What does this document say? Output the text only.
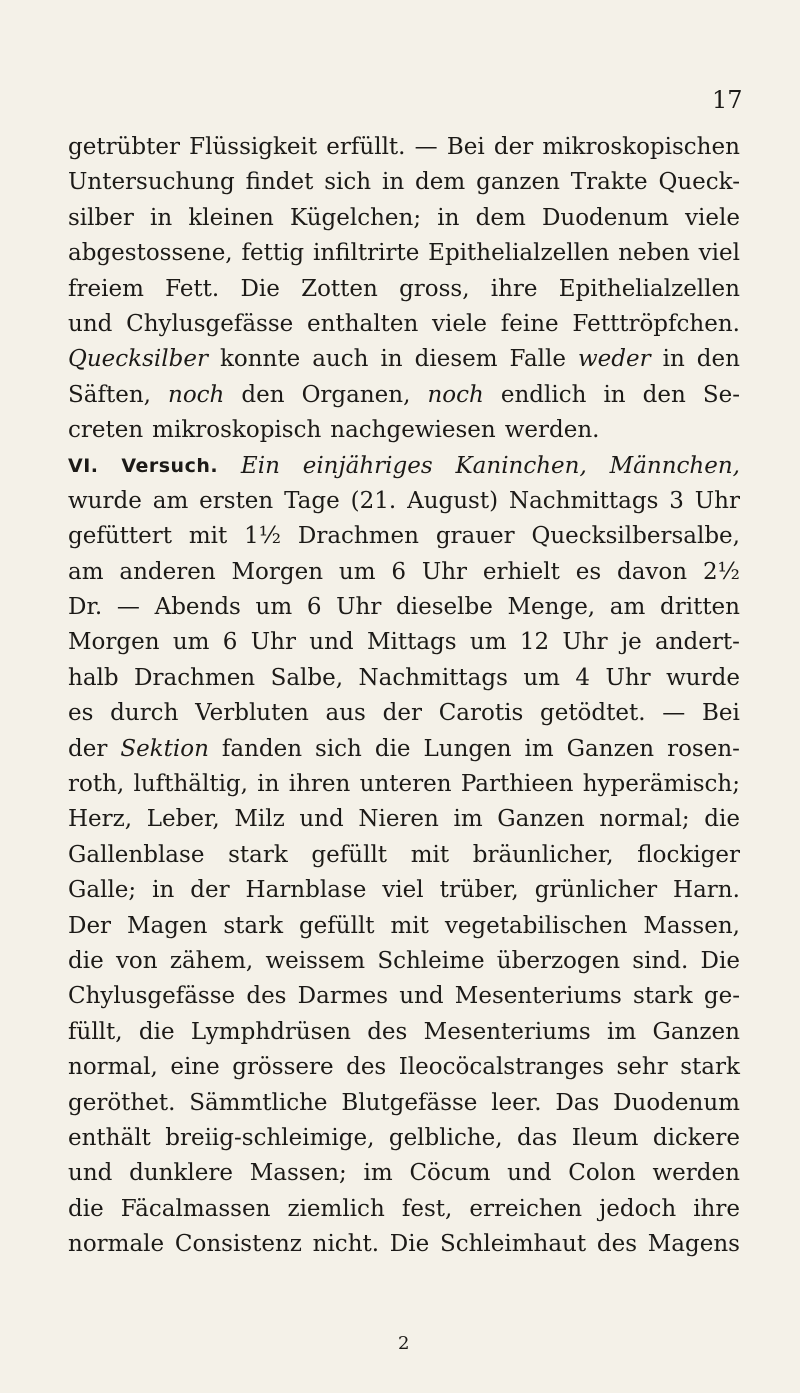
17
getrübter Flüssigkeit erfüllt. — Bei der mikroskopischen
Untersuchung findet sich in dem ganzen Trakte Queck-
silber in kleinen Kügelchen; in dem Duodenum viele
abgestossene, fettig infiltrirte Epithelialzellen neben viel
freiem Fett. Die Zotten gross, ihre Epithelialzellen
und Chylusgefässe enthalten viele feine Fetttröpfchen.
Quecksilber konnte auch in diesem Falle weder in den
Säften, noch den Organen, noch endlich in den Se-
creten mikroskopisch nachgewiesen werden.
VI. Versuch. Ein einjähriges Kaninchen, Männchen,
wurde am ersten Tage (21. August) Nachmittags 3 Uhr
gefüttert mit 1½ Drachmen grauer Quecksilbersalbe,
am anderen Morgen um 6 Uhr erhielt es davon 2½
Dr. — Abends um 6 Uhr dieselbe Menge, am dritten
Morgen um 6 Uhr und Mittags um 12 Uhr je andert-
halb Drachmen Salbe, Nachmittags um 4 Uhr wurde
es durch Verbluten aus der Carotis getödtet. — Bei
der Sektion fanden sich die Lungen im Ganzen rosen-
roth, lufthältig, in ihren unteren Parthieen hyperämisch;
Herz, Leber, Milz und Nieren im Ganzen normal; die
Gallenblase stark gefüllt mit bräunlicher, flockiger
Galle; in der Harnblase viel trüber, grünlicher Harn.
Der Magen stark gefüllt mit vegetabilischen Massen,
die von zähem, weissem Schleime überzogen sind. Die
Chylusgefässe des Darmes und Mesenteriums stark ge-
füllt, die Lymphdrüsen des Mesenteriums im Ganzen
normal, eine grössere des Ileocöcalstranges sehr stark
geröthet. Sämmtliche Blutgefässe leer. Das Duodenum
enthält breiig-schleimige, gelbliche, das Ileum dickere
und dunklere Massen; im Cöcum und Colon werden
die Fäcalmassen ziemlich fest, erreichen jedoch ihre
normale Consistenz nicht. Die Schleimhaut des Magens
2
